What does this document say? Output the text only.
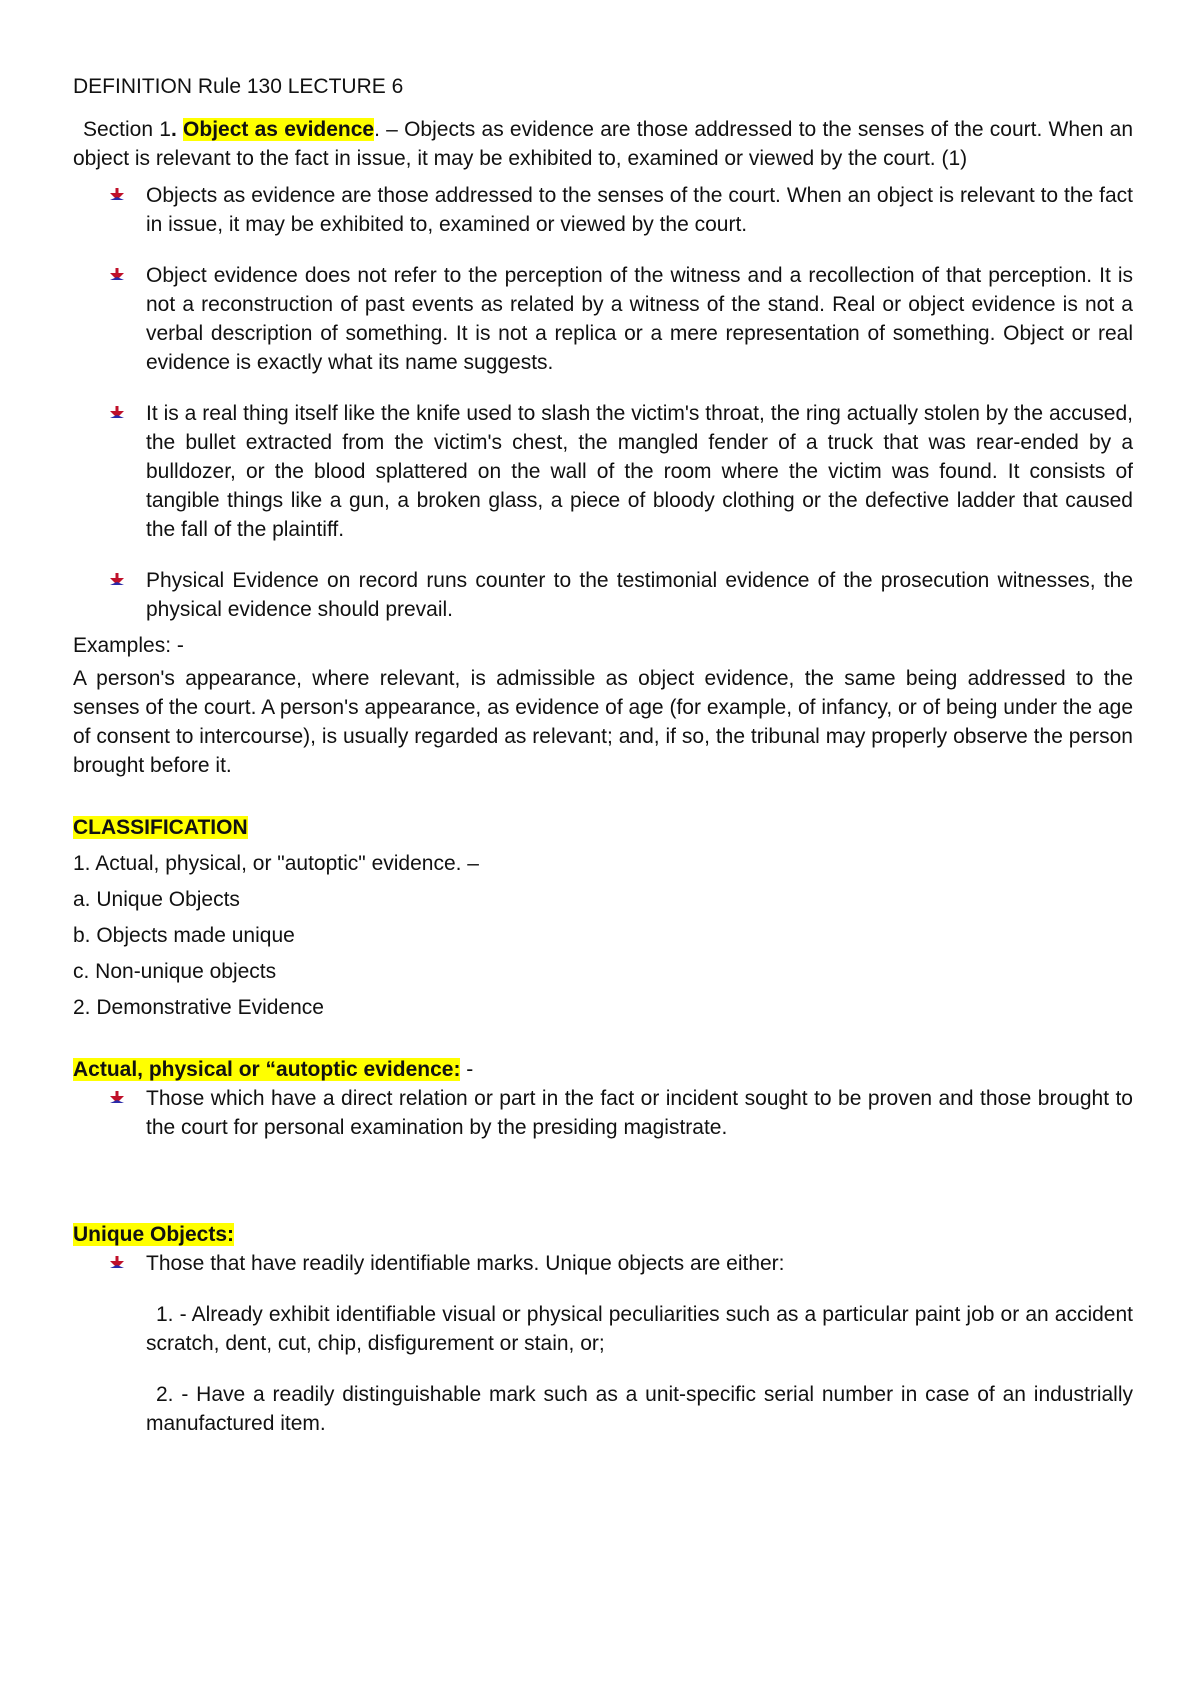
DEFINITION Rule 130 LECTURE 6

Section 1. Object as evidence. – Objects as evidence are those addressed to the senses of the court. When an object is relevant to the fact in issue, it may be exhibited to, examined or viewed by the court. (1)

Objects as evidence are those addressed to the senses of the court. When an object is relevant to the fact in issue, it may be exhibited to, examined or viewed by the court.
Object evidence does not refer to the perception of the witness and a recollection of that perception. It is not a reconstruction of past events as related by a witness of the stand. Real or object evidence is not a verbal description of something. It is not a replica or a mere representation of something. Object or real evidence is exactly what its name suggests.
It is a real thing itself like the knife used to slash the victim's throat, the ring actually stolen by the accused, the bullet extracted from the victim's chest, the mangled fender of a truck that was rear-ended by a bulldozer, or the blood splattered on the wall of the room where the victim was found. It consists of tangible things like a gun, a broken glass, a piece of bloody clothing or the defective ladder that caused the fall of the plaintiff.
Physical Evidence on record runs counter to the testimonial evidence of the prosecution witnesses, the physical evidence should prevail.

Examples: -

A person's appearance, where relevant, is admissible as object evidence, the same being addressed to the senses of the court. A person's appearance, as evidence of age (for example, of infancy, or of being under the age of consent to intercourse), is usually regarded as relevant; and, if so, the tribunal may properly observe the person brought before it.

CLASSIFICATION

1. Actual, physical, or "autoptic" evidence. –

a. Unique Objects

b. Objects made unique

c. Non-unique objects

2. Demonstrative Evidence

Actual, physical or “autoptic evidence: -

Those which have a direct relation or part in the fact or incident sought to be proven and those brought to the court for personal examination by the presiding magistrate.

Unique Objects:

Those that have readily identifiable marks. Unique objects are either:

1. - Already exhibit identifiable visual or physical peculiarities such as a particular paint job or an accident scratch, dent, cut, chip, disfigurement or stain, or;

2. - Have a readily distinguishable mark such as a unit-specific serial number in case of an industrially manufactured item.
